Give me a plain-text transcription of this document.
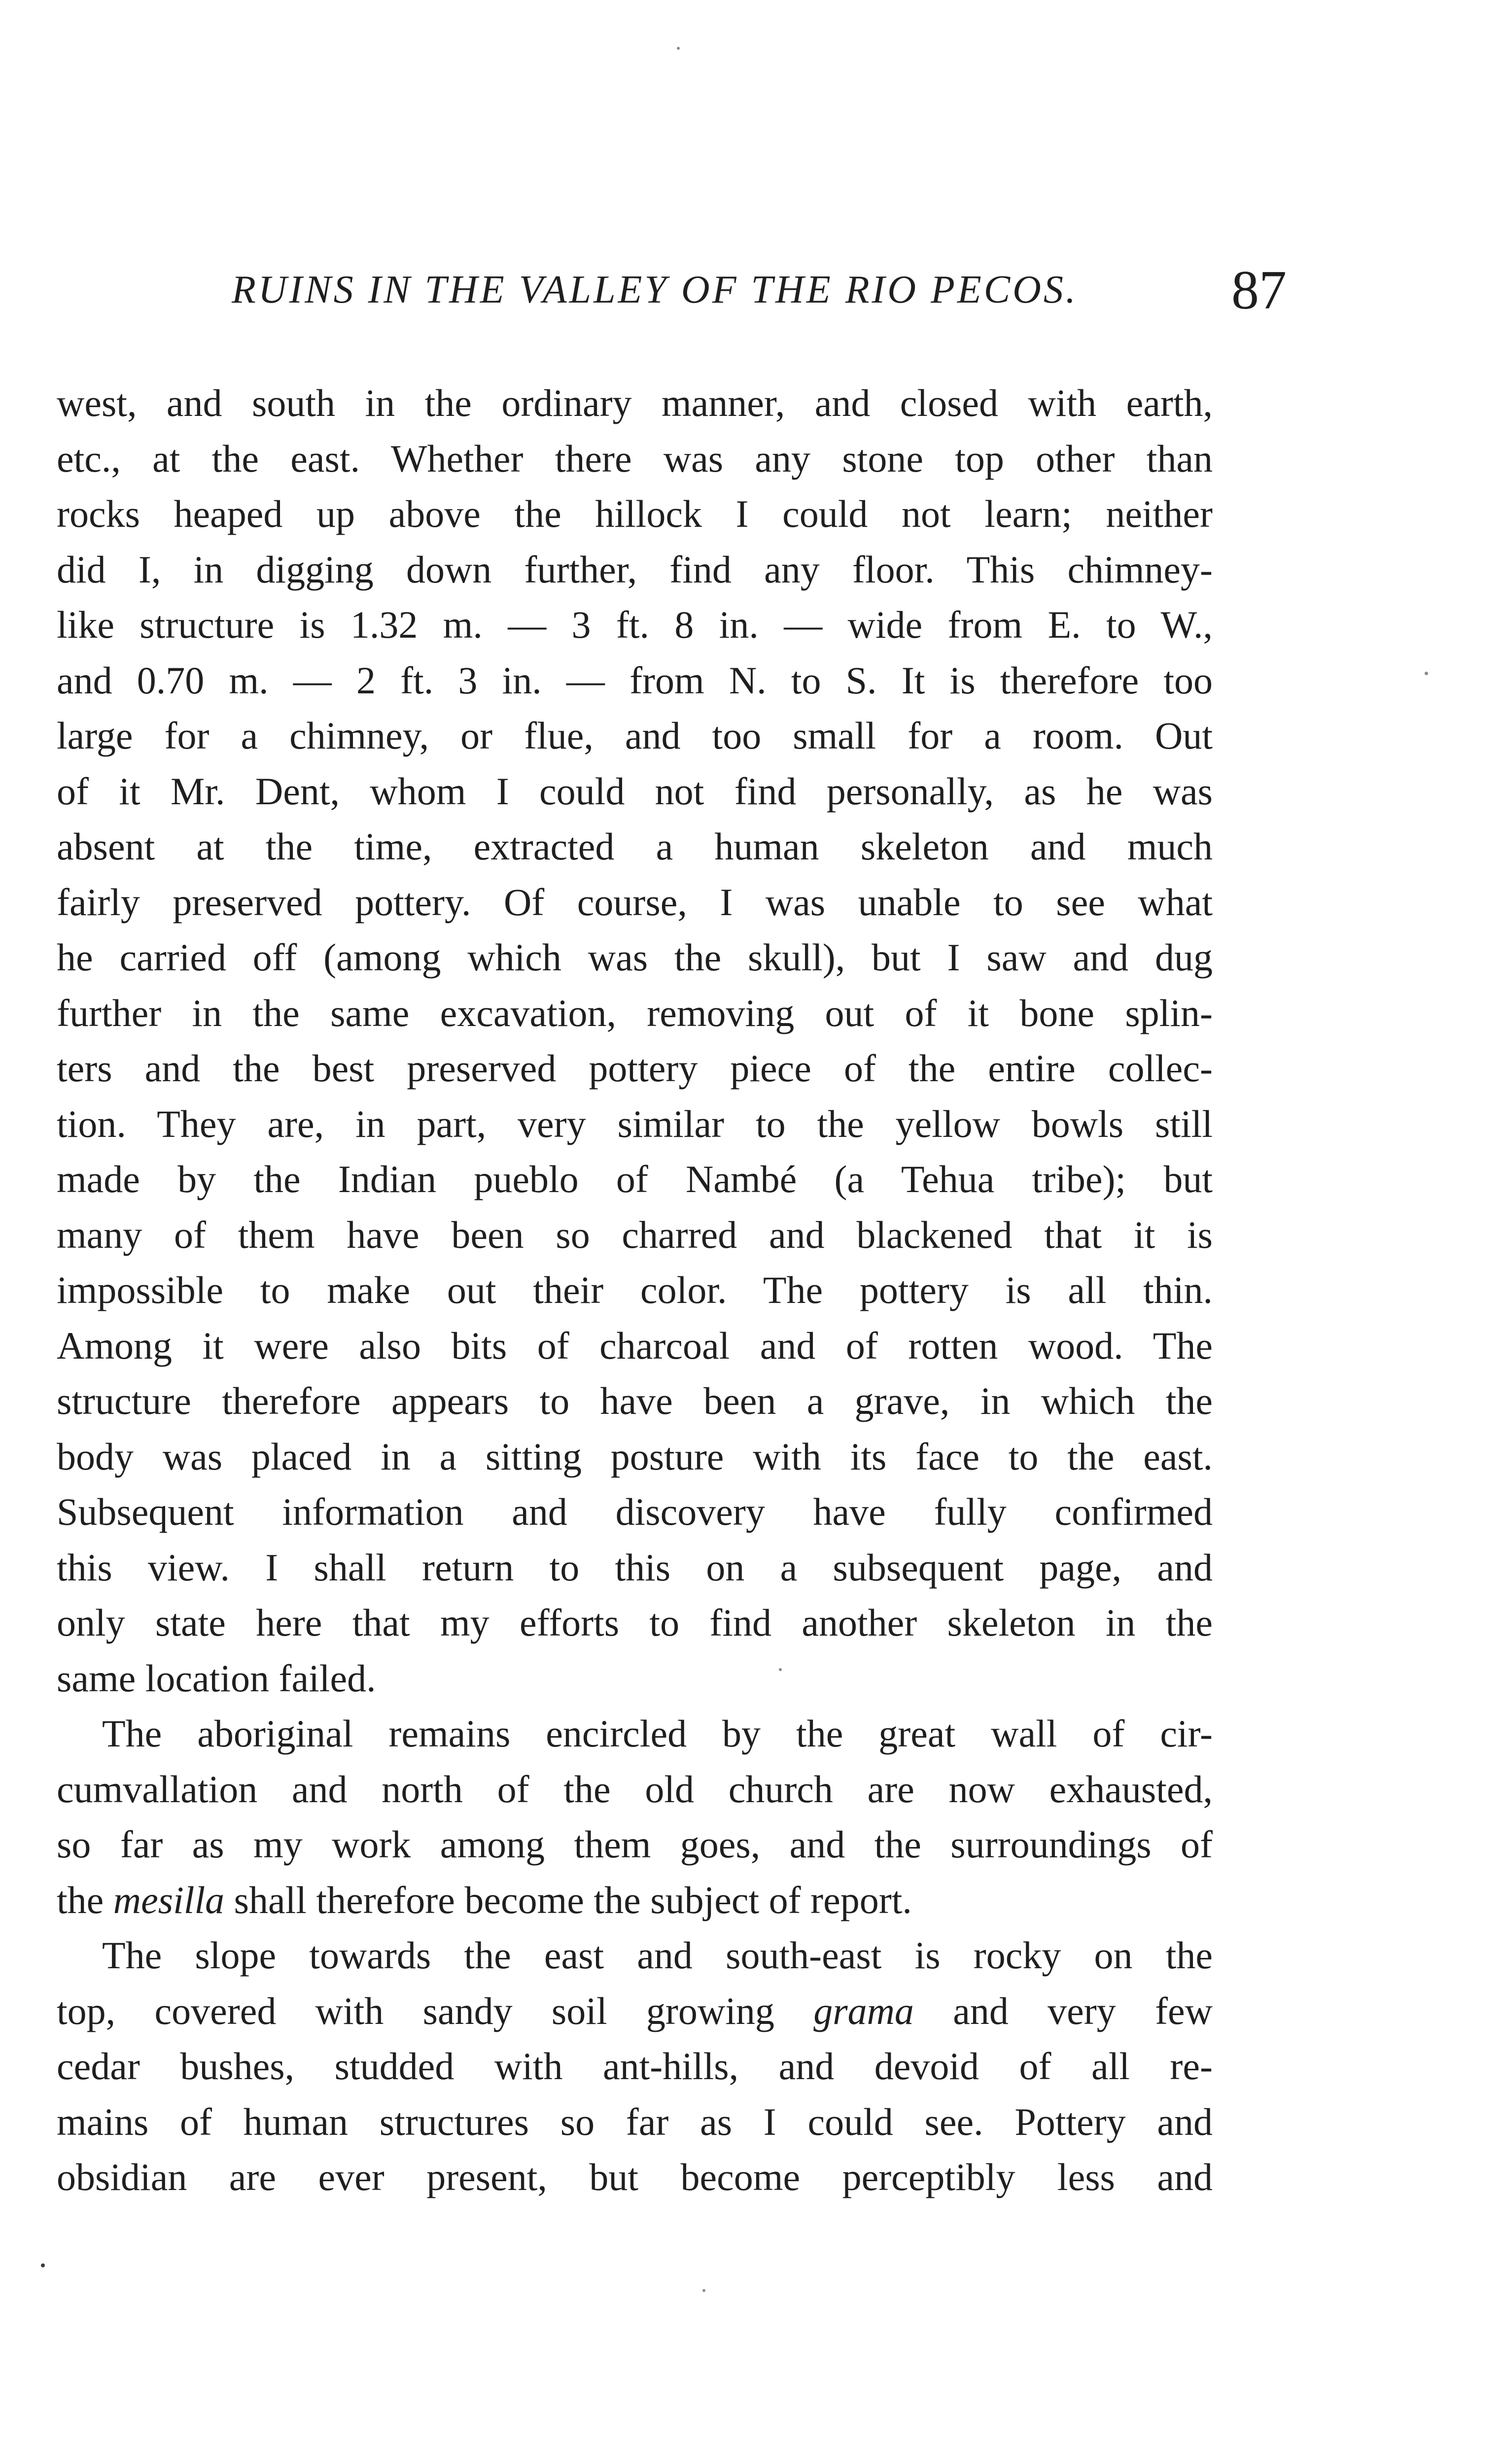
RUINS IN THE VALLEY OF THE RIO PECOS.	87

west, and south in the ordinary manner, and closed with earth,
etc., at the east. Whether there was any stone top other than
rocks heaped up above the hillock I could not learn; neither
did I, in digging down further, find any floor. This chimney-
like structure is 1.32 m. — 3 ft. 8 in. — wide from E. to W.,
and 0.70 m. — 2 ft. 3 in. — from N. to S. It is therefore too
large for a chimney, or flue, and too small for a room. Out
of it Mr. Dent, whom I could not find personally, as he was
absent at the time, extracted a human skeleton and much
fairly preserved pottery. Of course, I was unable to see what
he carried off (among which was the skull), but I saw and dug
further in the same excavation, removing out of it bone splin-
ters and the best preserved pottery piece of the entire collec-
tion. They are, in part, very similar to the yellow bowls still
made by the Indian pueblo of Nambé (a Tehua tribe); but
many of them have been so charred and blackened that it is
impossible to make out their color. The pottery is all thin.
Among it were also bits of charcoal and of rotten wood. The
structure therefore appears to have been a grave, in which the
body was placed in a sitting posture with its face to the east.
Subsequent information and discovery have fully confirmed
this view. I shall return to this on a subsequent page, and
only state here that my efforts to find another skeleton in the
same location failed.

The aboriginal remains encircled by the great wall of cir-
cumvallation and north of the old church are now exhausted,
so far as my work among them goes, and the surroundings of
the mesilla shall therefore become the subject of report.

The slope towards the east and south-east is rocky on the
top, covered with sandy soil growing grama and very few
cedar bushes, studded with ant-hills, and devoid of all re-
mains of human structures so far as I could see. Pottery and
obsidian are ever present, but become perceptibly less and
